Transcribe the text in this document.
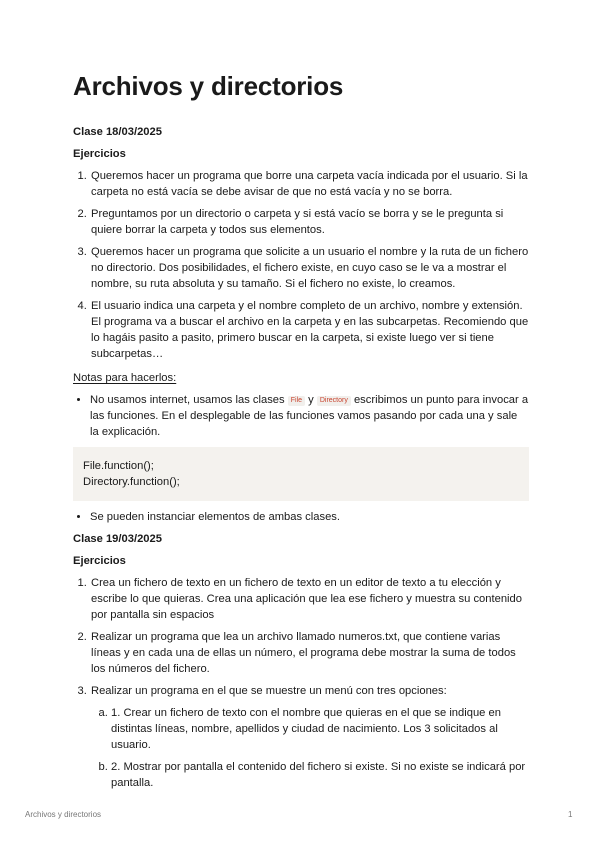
Archivos y directorios
Clase 18/03/2025
Ejercicios
1. Queremos hacer un programa que borre una carpeta vacía indicada por el usuario. Si la carpeta no está vacía se debe avisar de que no está vacía y no se borra.
2. Preguntamos por un directorio o carpeta y si está vacío se borra y se le pregunta si quiere borrar la carpeta y todos sus elementos.
3. Queremos hacer un programa que solicite a un usuario el nombre y la ruta de un fichero no directorio. Dos posibilidades, el fichero existe, en cuyo caso se le va a mostrar el nombre, su ruta absoluta y su tamaño. Si el fichero no existe, lo creamos.
4. El usuario indica una carpeta y el nombre completo de un archivo, nombre y extensión. El programa va a buscar el archivo en la carpeta y en las subcarpetas. Recomiendo que lo hagáis pasito a pasito, primero buscar en la carpeta, si existe luego ver si tiene subcarpetas…
Notas para hacerlos:
• No usamos internet, usamos las clases File y Directory escribimos un punto para invocar a las funciones. En el desplegable de las funciones vamos pasando por cada una y sale la explicación.
File.function();
Directory.function();
• Se pueden instanciar elementos de ambas clases.
Clase 19/03/2025
Ejercicios
1. Crea un fichero de texto en un fichero de texto en un editor de texto a tu elección y escribe lo que quieras. Crea una aplicación que lea ese fichero y muestra su contenido por pantalla sin espacios
2. Realizar un programa que lea un archivo llamado numeros.txt, que contiene varias líneas y en cada una de ellas un número, el programa debe mostrar la suma de todos los números del fichero.
3. Realizar un programa en el que se muestre un menú con tres opciones:
a. 1. Crear un fichero de texto con el nombre que quieras en el que se indique en distintas líneas, nombre, apellidos y ciudad de nacimiento. Los 3 solicitados al usuario.
b. 2. Mostrar por pantalla el contenido del fichero si existe. Si no existe se indicará por pantalla.
Archivos y directorios	1
